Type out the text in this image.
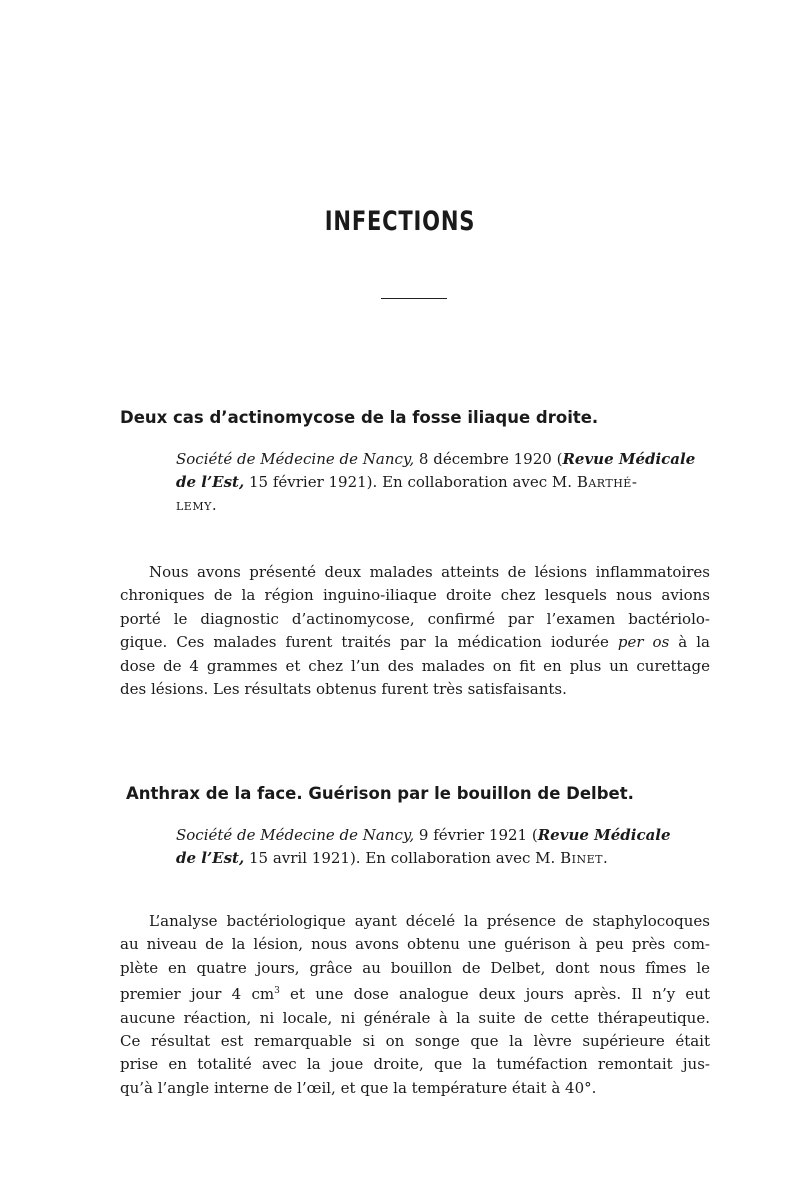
INFECTIONS
Deux cas d’actinomycose de la fosse iliaque droite.

Société de Médecine de Nancy, 8 décembre 1920 (Revue Médicale
de l’Est, 15 février 1921). En collaboration avec M. Barthé-
lemy.

Nous avons présenté deux malades atteints de lésions inflammatoires
chroniques de la région inguino-iliaque droite chez lesquels nous avions
porté le diagnostic d’actinomycose, confirmé par l’examen bactériolo-
gique. Ces malades furent traités par la médication iodurée per os à la
dose de 4 grammes et chez l’un des malades on fit en plus un curettage
des lésions. Les résultats obtenus furent très satisfaisants.
Anthrax de la face. Guérison par le bouillon de Delbet.

Société de Médecine de Nancy, 9 février 1921 (Revue Médicale
de l’Est, 15 avril 1921). En collaboration avec M. Binet.

L’analyse bactériologique ayant décelé la présence de staphylocoques
au niveau de la lésion, nous avons obtenu une guérison à peu près com-
plète en quatre jours, grâce au bouillon de Delbet, dont nous fîmes le
premier jour 4 $cm^3$ et une dose analogue deux jours après. Il n’y eut
aucune réaction, ni locale, ni générale à la suite de cette thérapeutique.
Ce résultat est remarquable si on songe que la lèvre supérieure était
prise en totalité avec la joue droite, que la tuméfaction remontait jus-
qu’à l’angle interne de l’œil, et que la température était à 40°.
